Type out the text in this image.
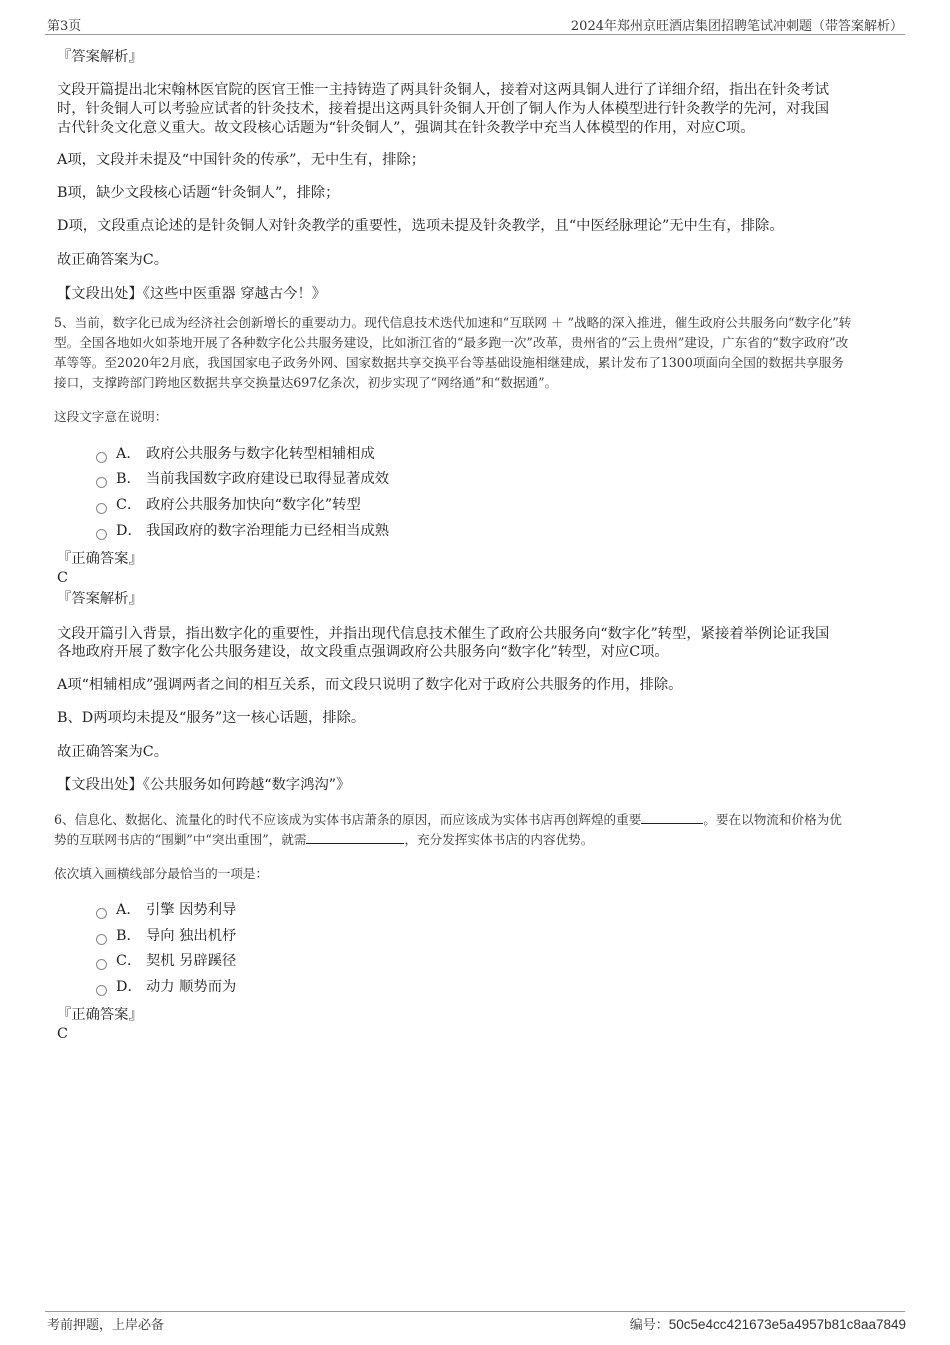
第3页	2024年郑州京旺酒店集团招聘笔试冲刺题（带答案解析）

『答案解析』

文段开篇提出北宋翰林医官院的医官王惟一主持铸造了两具针灸铜人，接着对这两具铜人进行了详细介绍，指出在针灸考试

时，针灸铜人可以考验应试者的针灸技术，接着提出这两具针灸铜人开创了铜人作为人体模型进行针灸教学的先河，对我国

古代针灸文化意义重大。故文段核心话题为“针灸铜人”，强调其在针灸教学中充当人体模型的作用，对应C项。

A项，文段并未提及“中国针灸的传承”，无中生有，排除；

B项，缺少文段核心话题“针灸铜人”，排除；

D项，文段重点论述的是针灸铜人对针灸教学的重要性，选项未提及针灸教学，且“中医经脉理论”无中生有，排除。

故正确答案为C。

【文段出处】《这些中医重器 穿越古今！》

5、当前，数字化已成为经济社会创新增长的重要动力。现代信息技术迭代加速和“互联网 ＋ ”战略的深入推进，催生政府公共服务向“数字化”转

型。全国各地如火如荼地开展了各种数字化公共服务建设，比如浙江省的“最多跑一次”改革，贵州省的“云上贵州”建设，广东省的“数字政府”改

革等等。至2020年2月底，我国国家电子政务外网、国家数据共享交换平台等基础设施相继建成，累计发布了1300项面向全国的数据共享服务

接口，支撑跨部门跨地区数据共享交换量达697亿条次，初步实现了“网络通”和“数据通”。

这段文字意在说明：

A． 政府公共服务与数字化转型相辅相成
B． 当前我国数字政府建设已取得显著成效
C． 政府公共服务加快向“数字化”转型
D． 我国政府的数字治理能力已经相当成熟

『正确答案』

C

『答案解析』

文段开篇引入背景，指出数字化的重要性，并指出现代信息技术催生了政府公共服务向“数字化”转型，紧接着举例论证我国

各地政府开展了数字化公共服务建设，故文段重点强调政府公共服务向“数字化”转型，对应C项。

A项“相辅相成”强调两者之间的相互关系，而文段只说明了数字化对于政府公共服务的作用，排除。

B、D两项均未提及“服务”这一核心话题，排除。

故正确答案为C。

【文段出处】《公共服务如何跨越“数字鸿沟”》

6、信息化、数据化、流量化的时代不应该成为实体书店萧条的原因，而应该成为实体书店再创辉煌的重要	。要在以物流和价格为优

势的互联网书店的“围剿”中“突出重围”，就需	，充分发挥实体书店的内容优势。

依次填入画横线部分最恰当的一项是：

A． 引擎 因势利导
B． 导向 独出机杼
C． 契机 另辟蹊径
D． 动力 顺势而为

『正确答案』

C

考前押题，上岸必备	编号：50c5e4cc421673e5a4957b81c8aa7849
